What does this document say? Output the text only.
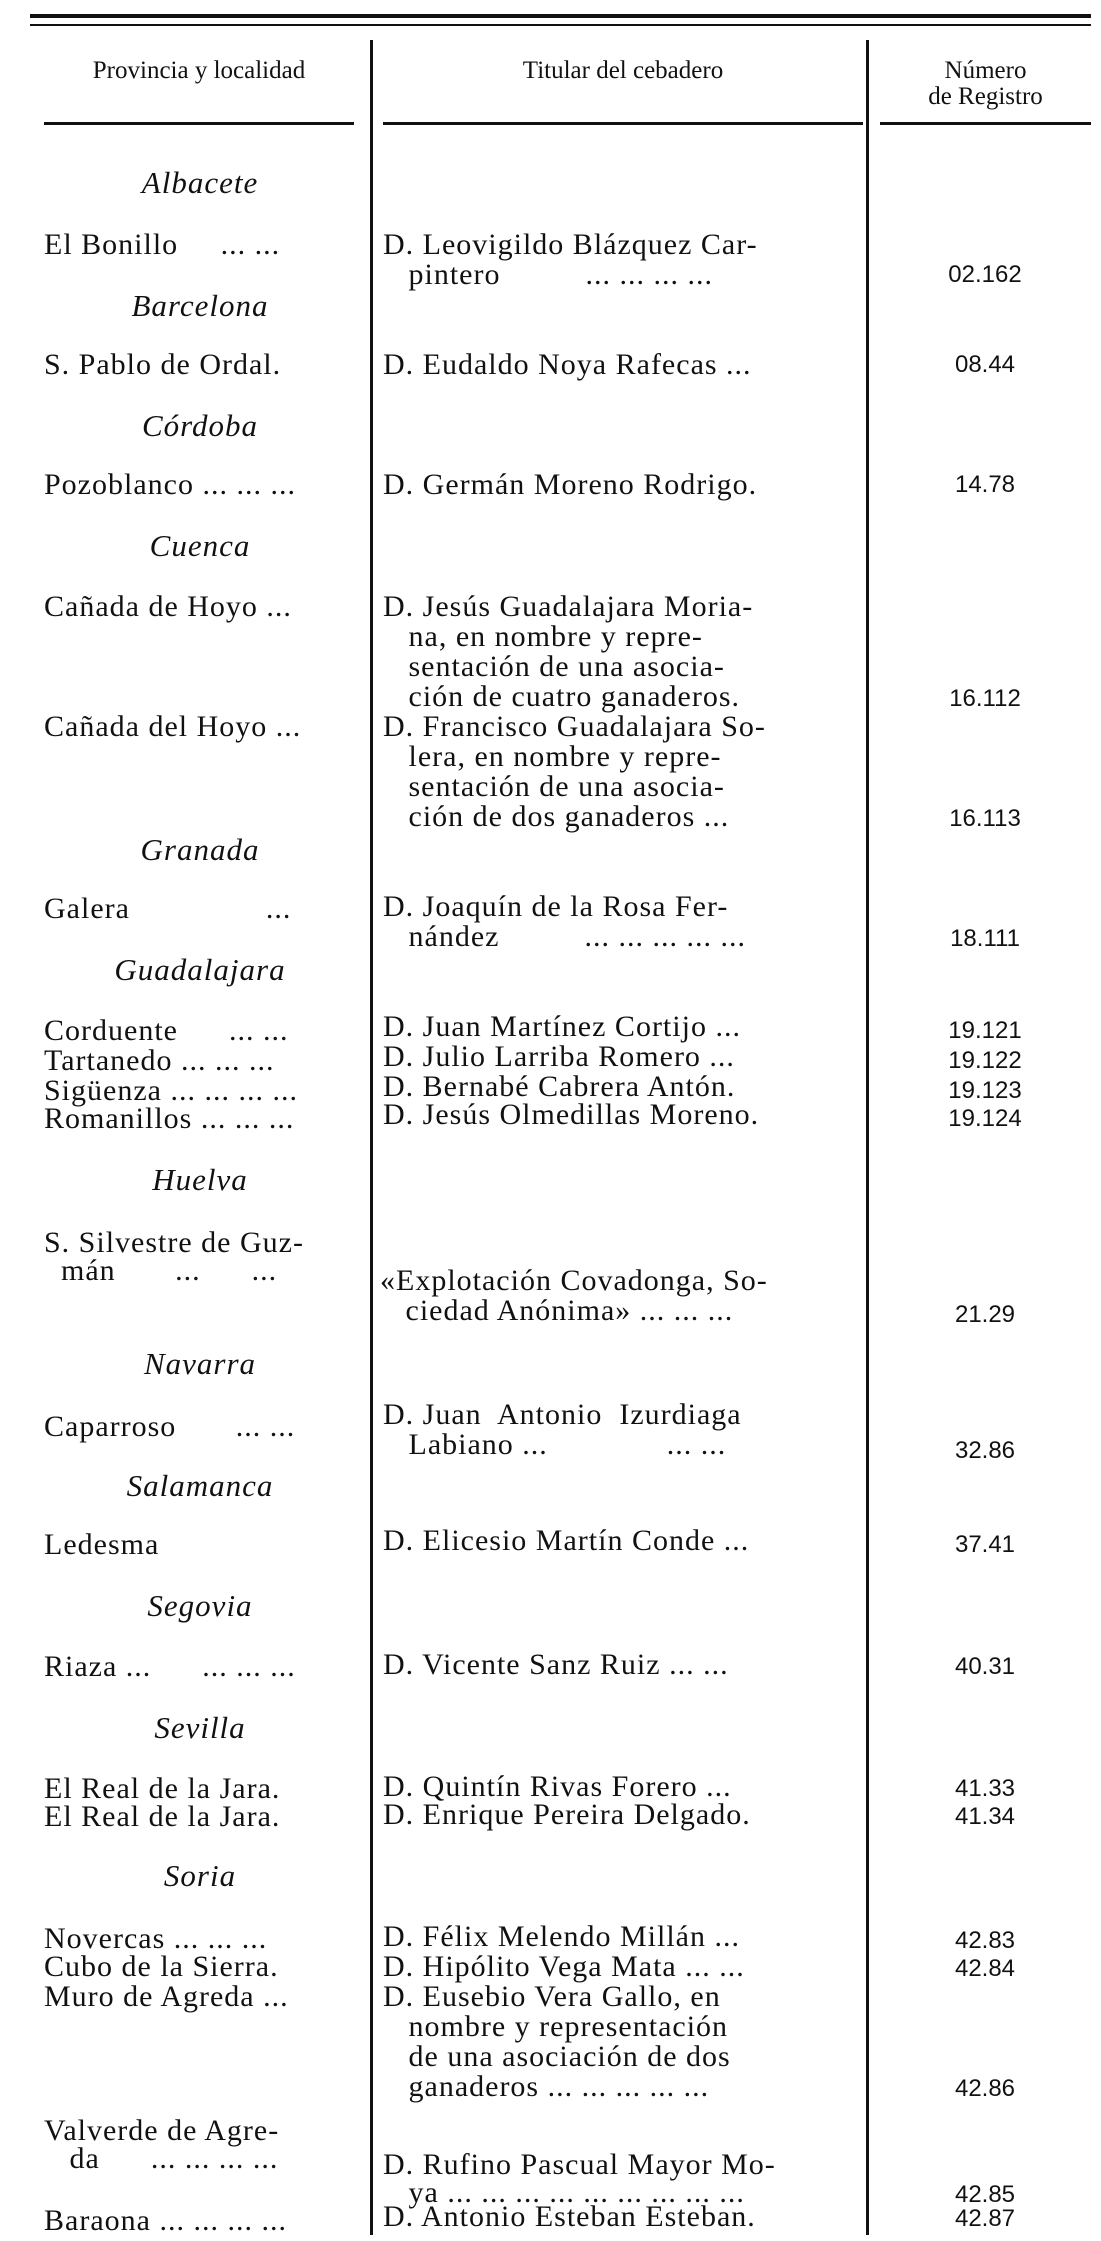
Provincia y localidad	Titular del cebadero	Número
de Registro
Albacete
El Bonillo     ... ...	D. Leovigildo Blázquez Car-
pintero          ... ... ... ...	02.162
Barcelona
S. Pablo de Ordal.	D. Eudaldo Noya Rafecas ...	08.44
Córdoba
Pozoblanco ... ... ...	D. Germán Moreno Rodrigo.	14.78
Cuenca
Cañada de Hoyo ...	D. Jesús Guadalajara Moria-
na, en nombre y repre-
sentación de una asocia-
ción de cuatro ganaderos.	16.112
Cañada del Hoyo ...	D. Francisco Guadalajara So-
lera, en nombre y repre-
sentación de una asocia-
ción de dos ganaderos ...	16.113
Granada
Galera                ...	D. Joaquín de la Rosa Fer-
nández          ... ... ... ... ...	18.111
Guadalajara
Corduente      ... ...	D. Juan Martínez Cortijo ...	19.121
Tartanedo ... ... ...	D. Julio Larriba Romero ...	19.122
Sigüenza ... ... ... ...	D. Bernabé Cabrera Antón.	19.123
Romanillos ... ... ...	D. Jesús Olmedillas Moreno.	19.124
Huelva
S. Silvestre de Guz-
mán       ...      ...	«Explotación Covadonga, So-
ciedad Anónima» ... ... ...	21.29
Navarra
Caparroso       ... ...	D. Juan  Antonio  Izurdiaga
Labiano ...              ... ...	32.86
Salamanca
Ledesma	D. Elicesio Martín Conde ...	37.41
Segovia
Riaza ...      ... ... ...	D. Vicente Sanz Ruiz ... ...	40.31
Sevilla
El Real de la Jara.	D. Quintín Rivas Forero ...	41.33
El Real de la Jara.	D. Enrique Pereira Delgado.	41.34
Soria
Novercas ... ... ...	D. Félix Melendo Millán ...	42.83
Cubo de la Sierra.	D. Hipólito Vega Mata ... ...	42.84
Muro de Agreda ...	D. Eusebio Vera Gallo, en
nombre y representación
de una asociación de dos
ganaderos ... ... ... ... ...	42.86
Valverde de Agre-
da      ... ... ... ...	D. Rufino Pascual Mayor Mo-
ya ... ... ... ... ... ... ... ... ...	42.85
Baraona ... ... ... ...	D. Antonio Esteban Esteban.	42.87
